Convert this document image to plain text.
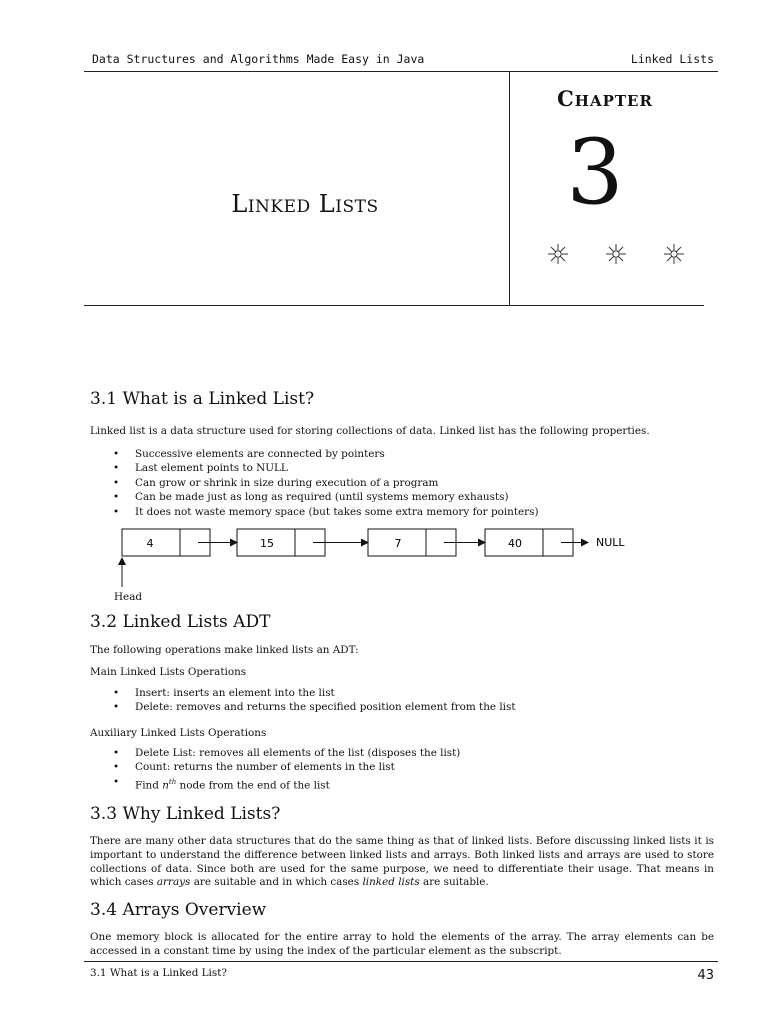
Data Structures and Algorithms Made Easy in Java	Linked Lists
Linked Lists
Chapter
3
3.1 What is a Linked List?
Linked list is a data structure used for storing collections of data. Linked list has the following properties.
• Successive elements are connected by pointers
• Last element points to NULL
• Can grow or shrink in size during execution of a program
• Can be made just as long as required (until systems memory exhausts)
• It does not waste memory space (but takes some extra memory for pointers)
4	15	7	40	NULL
Head
3.2 Linked Lists ADT
The following operations make linked lists an ADT:
Main Linked Lists Operations
• Insert: inserts an element into the list
• Delete: removes and returns the specified position element from the list
Auxiliary Linked Lists Operations
• Delete List: removes all elements of the list (disposes the list)
• Count: returns the number of elements in the list
• Find $n^{th}$ node from the end of the list
3.3 Why Linked Lists?
There are many other data structures that do the same thing as that of linked lists. Before discussing linked lists it is important to understand the difference between linked lists and arrays. Both linked lists and arrays are used to store collections of data. Since both are used for the same purpose, we need to differentiate their usage. That means in which cases arrays are suitable and in which cases linked lists are suitable.
3.4 Arrays Overview
One memory block is allocated for the entire array to hold the elements of the array. The array elements can be accessed in a constant time by using the index of the particular element as the subscript.
3.1 What is a Linked List?	43
